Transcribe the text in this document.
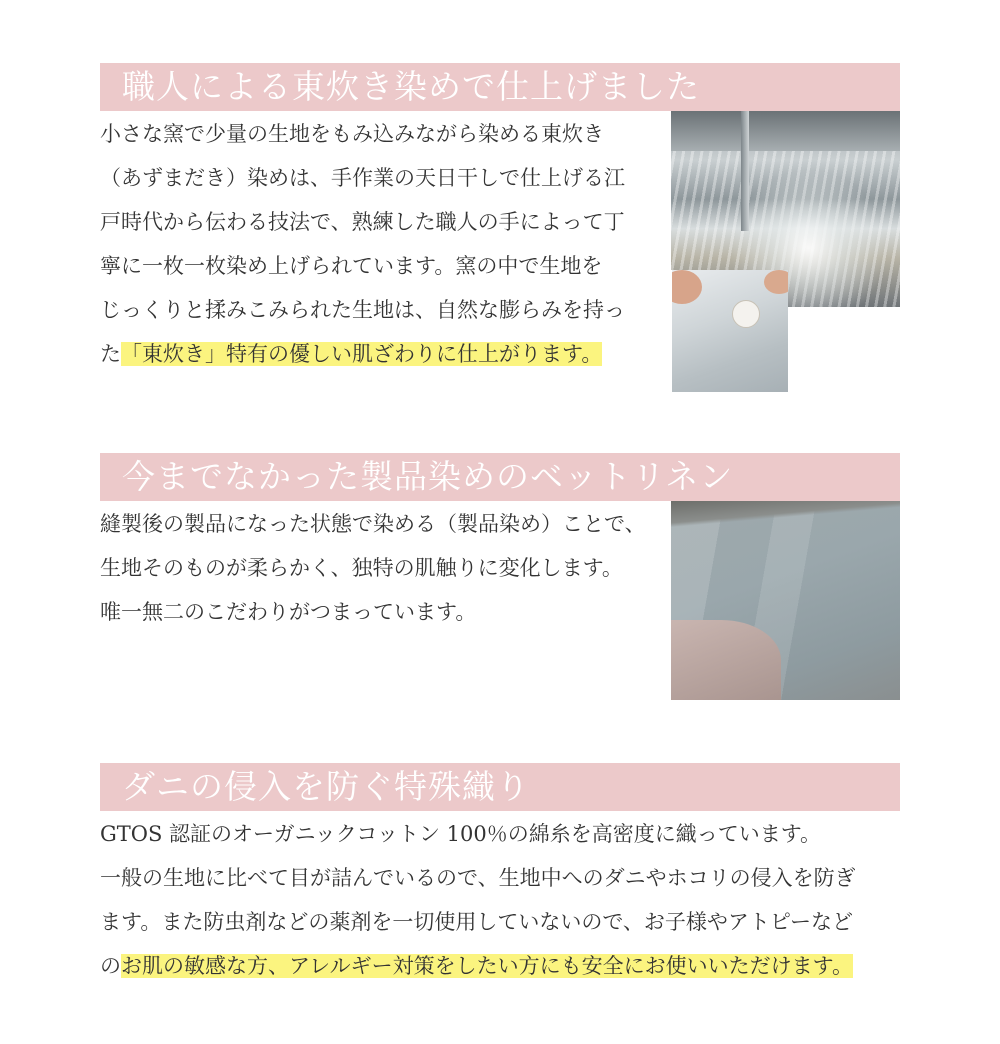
職人による東炊き染めで仕上げました
小さな窯で少量の生地をもみ込みながら染める東炊き
（あずまだき）染めは、手作業の天日干しで仕上げる江
戸時代から伝わる技法で、熟練した職人の手によって丁
寧に一枚一枚染め上げられています。窯の中で生地を
じっくりと揉みこみられた生地は、自然な膨らみを持っ
た「東炊き」特有の優しい肌ざわりに仕上がります。
今までなかった製品染めのベットリネン
縫製後の製品になった状態で染める（製品染め）ことで、
生地そのものが柔らかく、独特の肌触りに変化します。
唯一無二のこだわりがつまっています。
ダニの侵入を防ぐ特殊織り
GTOS 認証のオーガニックコットン 100％の綿糸を高密度に織っています。
一般の生地に比べて目が詰んでいるので、生地中へのダニやホコリの侵入を防ぎ
ます。また防虫剤などの薬剤を一切使用していないので、お子様やアトピーなど
のお肌の敏感な方、アレルギー対策をしたい方にも安全にお使いいただけます。
